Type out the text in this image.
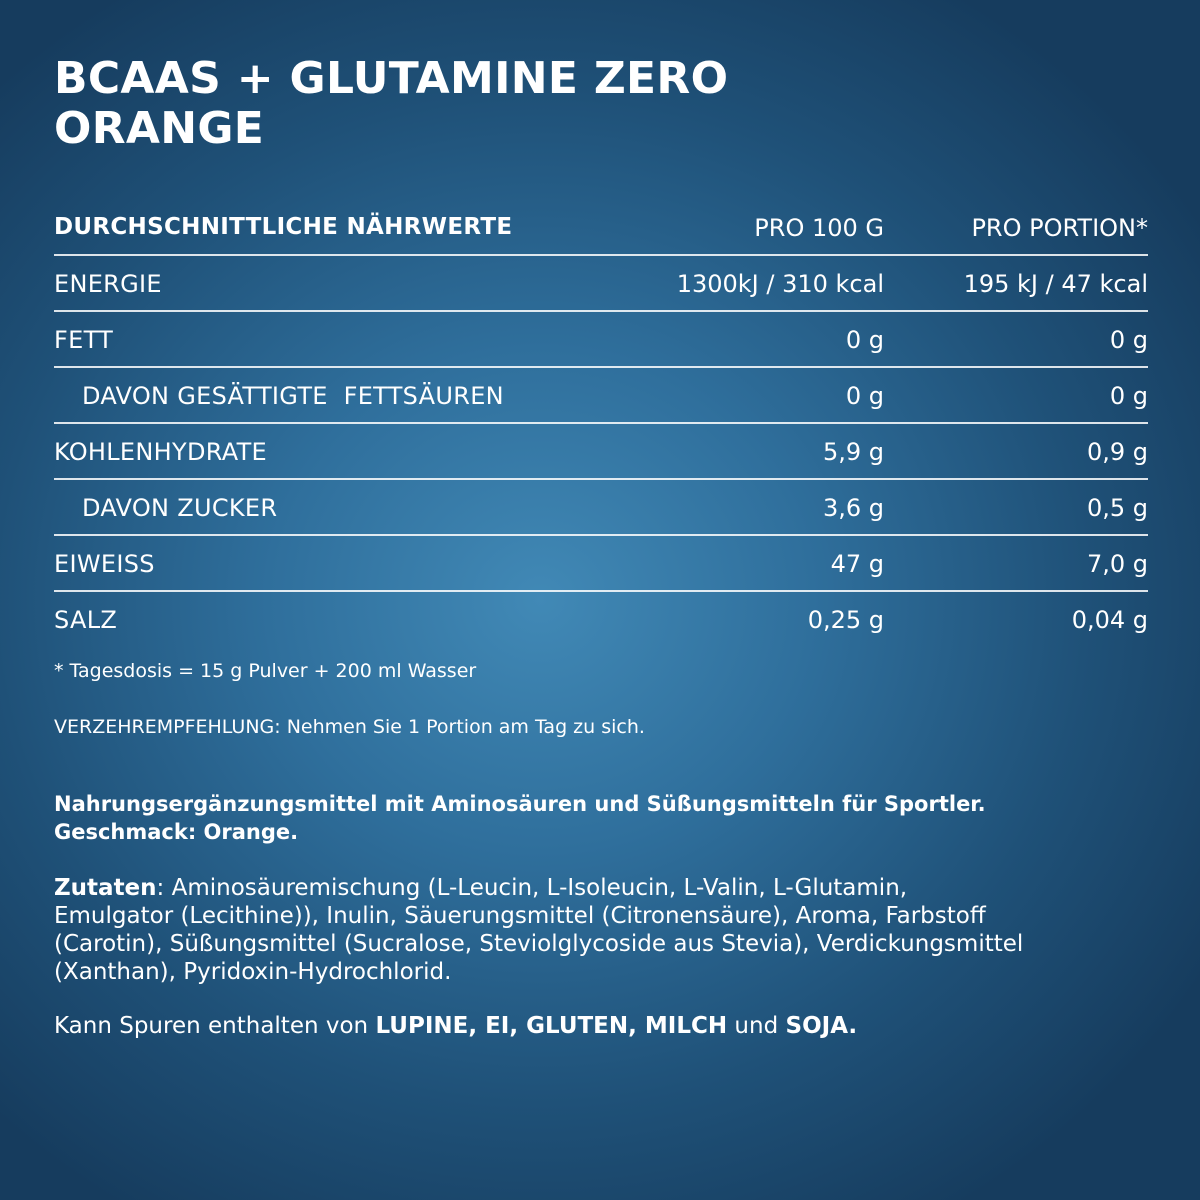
BCAAS + GLUTAMINE ZERO
ORANGE
DURCHSCHNITTLICHE NÄHRWERTE	PRO 100 G	PRO PORTION*
ENERGIE	1300kJ / 310 kcal	195 kJ / 47 kcal
FETT	0 g	0 g
DAVON GESÄTTIGTE  FETTSÄUREN	0 g	0 g
KOHLENHYDRATE	5,9 g	0,9 g
DAVON ZUCKER	3,6 g	0,5 g
EIWEISS	47 g	7,0 g
SALZ	0,25 g	0,04 g
* Tagesdosis = 15 g Pulver + 200 ml Wasser
VERZEHREMPFEHLUNG: Nehmen Sie 1 Portion am Tag zu sich.
Nahrungsergänzungsmittel mit Aminosäuren und Süßungsmitteln für Sportler.
Geschmack: Orange.
Zutaten: Aminosäuremischung (L-Leucin, L-Isoleucin, L-Valin, L-Glutamin,
Emulgator (Lecithine)), Inulin, Säuerungsmittel (Citronensäure), Aroma, Farbstoff
(Carotin), Süßungsmittel (Sucralose, Steviolglycoside aus Stevia), Verdickungsmittel
(Xanthan), Pyridoxin-Hydrochlorid.
Kann Spuren enthalten von LUPINE, EI, GLUTEN, MILCH und SOJA.
